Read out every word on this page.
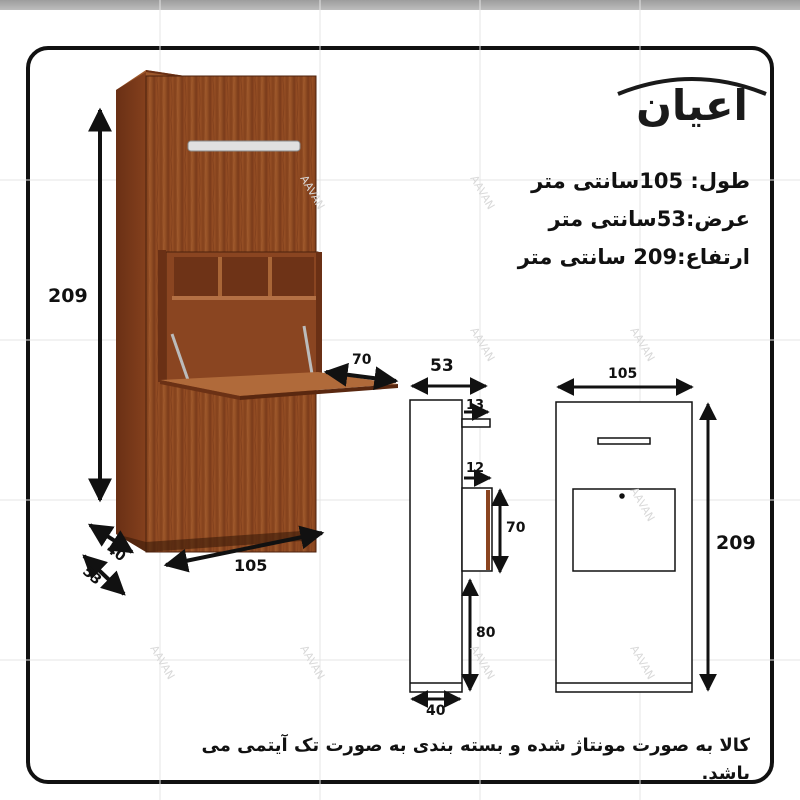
AAVAN
AAVAN
AAVAN	AAVAN
AAVAN
AAVAN	AAVAN	AAVAN	AAVAN
اعیان
طول: 105سانتی متر
عرض:53سانتی متر
ارتفاع:209 سانتی متر
209
105
40
53
70	53
13
12
70
80
40
105
209
کالا به صورت مونتاژ شده و بسته بندی به صورت تک آیتمی می باشد.
